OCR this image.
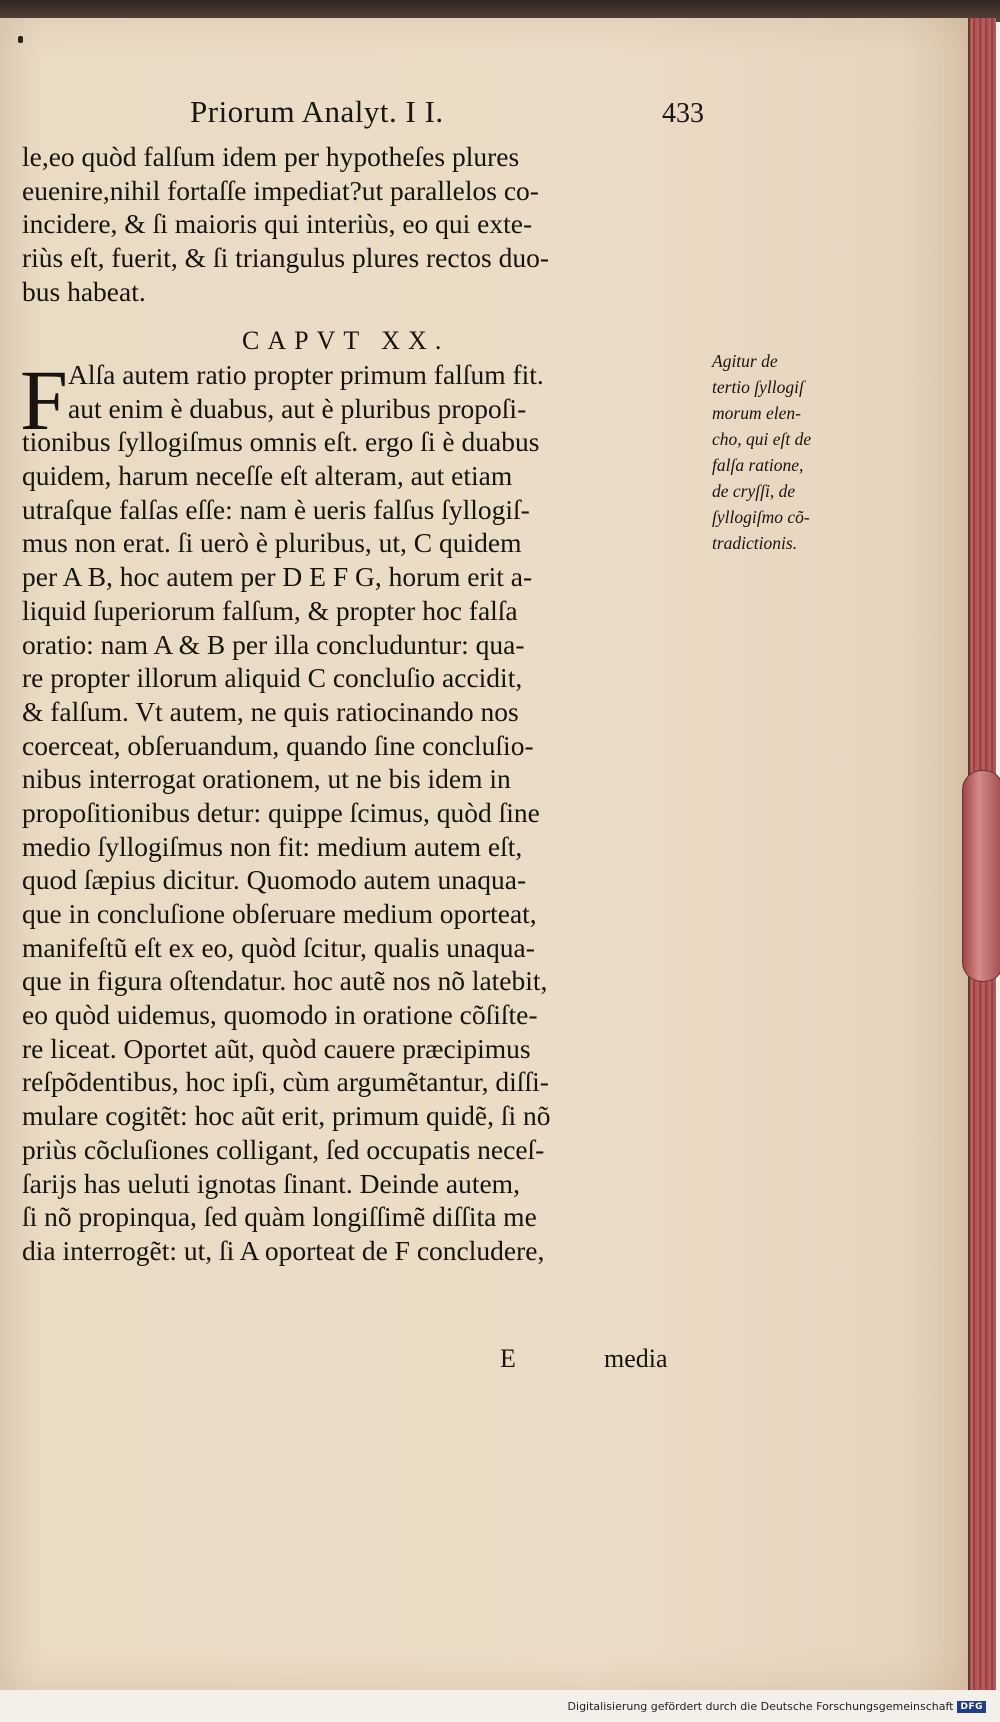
Priorum Analyt. I I.	433
le,eo quòd falſum idem per hypotheſes plures
euenire,nihil fortaſſe impediat?ut parallelos co-
incidere, & ſi maioris qui interiùs, eo qui exte-
riùs eſt, fuerit, & ſi triangulus plures rectos duo-
bus habeat.
CAPVT XX.
F Alſa autem ratio propter primum falſum fit.
aut enim è duabus, aut è pluribus propoſi-
tionibus ſyllogiſmus omnis eſt. ergo ſi è duabus
quidem, harum neceſſe eſt alteram, aut etiam
utraſque falſas eſſe: nam è ueris falſus ſyllogiſ-
mus non erat. ſi uerò è pluribus, ut, C quidem
per A B, hoc autem per D E F G, horum erit a-
liquid ſuperiorum falſum, & propter hoc falſa
oratio: nam A & B per illa concluduntur: qua-
re propter illorum aliquid C concluſio accidit,
& falſum. Vt autem, ne quis ratiocinando nos
coerceat, obſeruandum, quando ſine concluſio-
nibus interrogat orationem, ut ne bis idem in
propoſitionibus detur: quippe ſcimus, quòd ſine
medio ſyllogiſmus non fit: medium autem eſt,
quod ſæpius dicitur. Quomodo autem unaqua-
que in concluſione obſeruare medium oporteat,
manifeſtũ eſt ex eo, quòd ſcitur, qualis unaqua-
que in figura oſtendatur. hoc autẽ nos nõ latebit,
eo quòd uidemus, quomodo in oratione cõſiſte-
re liceat. Oportet aũt, quòd cauere præcipimus
reſpõdentibus, hoc ipſi, cùm argumẽtantur, diſſi-
mulare cogitẽt: hoc aũt erit, primum quidẽ, ſi nõ
priùs cõcluſiones colligant, ſed occupatis neceſ-
ſarijs has ueluti ignotas ſinant. Deinde autem,
ſi nõ propinqua, ſed quàm longiſſimẽ diſſita me
dia interrogẽt: ut, ſi A oporteat de F concludere,
E	media
Agitur de
tertio ſyllogiſ
morum elen-
cho, qui eſt de
falſa ratione,
de cryſſi, de
ſyllogiſmo cõ-
tradictionis.
Digitalisierung gefördert durch die Deutsche Forschungsgemeinschaft DFG
